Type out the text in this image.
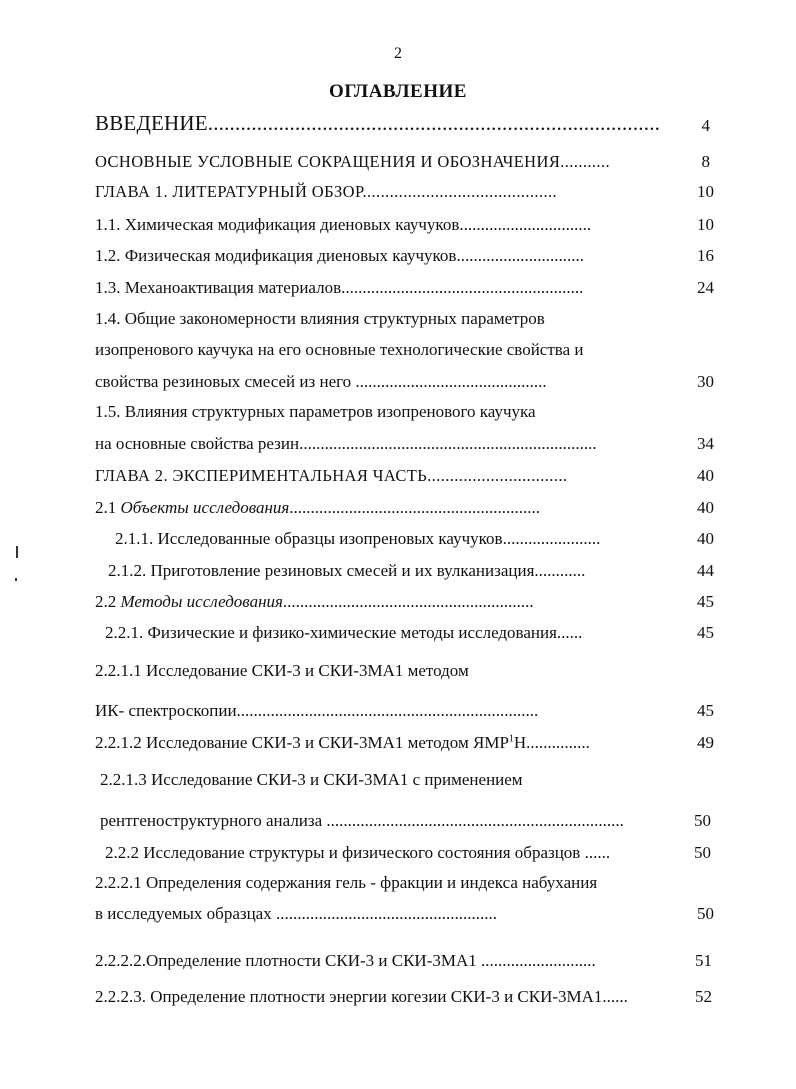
2
ОГЛАВЛЕНИЕ
ВВЕДЕНИЕ...................................................................................	4
ОСНОВНЫЕ УСЛОВНЫЕ СОКРАЩЕНИЯ И ОБОЗНАЧЕНИЯ...........	8
ГЛАВА 1. ЛИТЕРАТУРНЫЙ ОБЗОР...........................................	10
1.1. Химическая модификация диеновых каучуков...............................	10
1.2. Физическая модификация диеновых каучуков..............................	16
1.3. Механоактивация материалов.........................................................	24
1.4. Общие закономерности влияния структурных параметров
изопренового каучука на его основные технологические свойства и
свойства резиновых смесей из него .............................................	30
1.5. Влияния структурных параметров изопренового каучука
на основные свойства резин......................................................................	34
ГЛАВА 2. ЭКСПЕРИМЕНТАЛЬНАЯ ЧАСТЬ...............................	40
2.1 Объекты исследования...........................................................	40
2.1.1. Исследованные образцы изопреновых каучуков.......................	40
2.1.2. Приготовление резиновых смесей и их вулканизация............	44
2.2 Методы исследования...........................................................	45
2.2.1. Физические и физико-химические методы исследования......	45
2.2.1.1 Исследование СКИ-3 и СКИ-3МА1 методом
ИК- спектроскопии.......................................................................	45
2.2.1.2 Исследование СКИ-3 и СКИ-3МА1 методом ЯМР$^1$Н...............	49
2.2.1.3 Исследование СКИ-3 и СКИ-3МА1 с применением
рентгеноструктурного анализа ......................................................................	50
2.2.2 Исследование структуры и физического состояния образцов ......	50
2.2.2.1 Определения содержания гель - фракции и индекса набухания
в исследуемых образцах ....................................................	50
2.2.2.2.Определение плотности СКИ-3 и СКИ-3МА1 ...........................	51
2.2.2.3. Определение плотности энергии когезии СКИ-3 и СКИ-3МА1......	52
